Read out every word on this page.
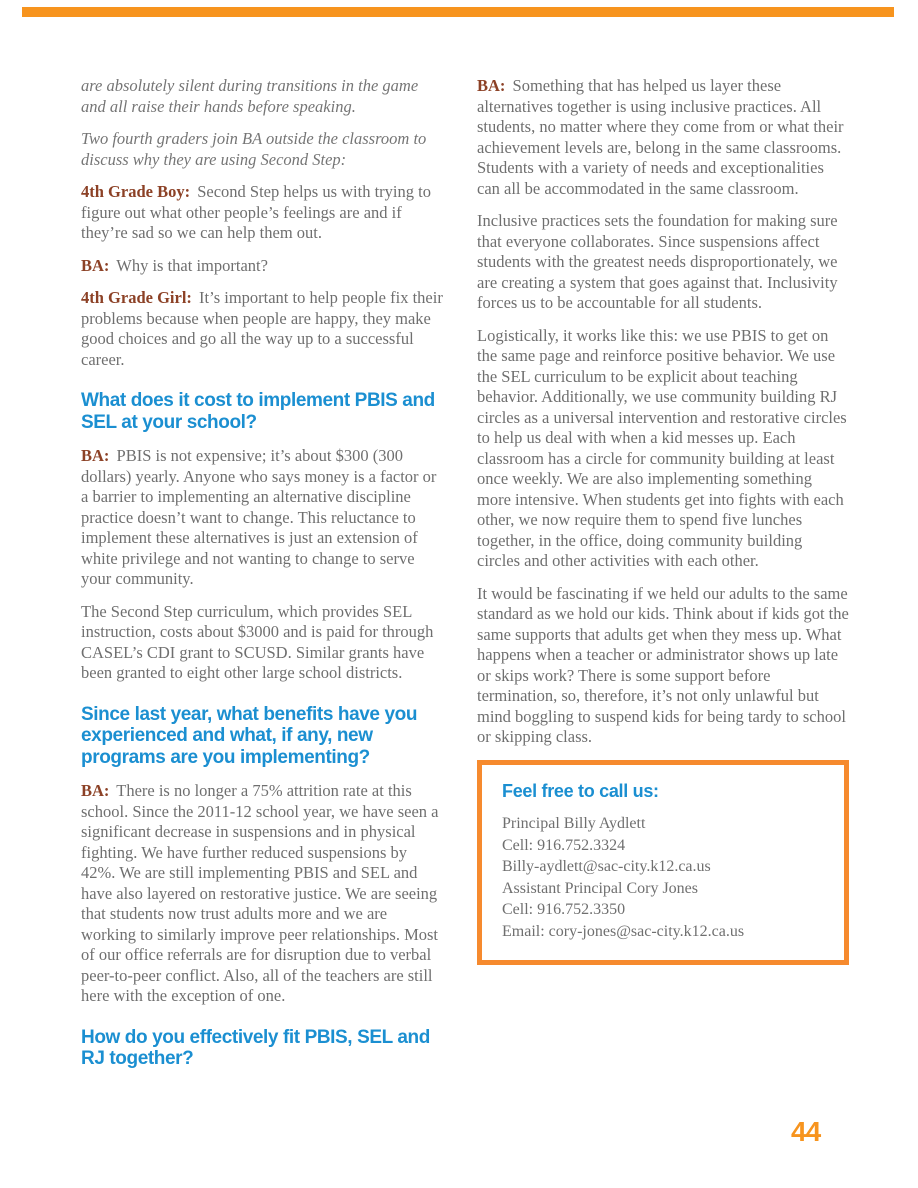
are absolutely silent during transitions in the game and all raise their hands before speaking.

Two fourth graders join BA outside the classroom to discuss why they are using Second Step:

4th Grade Boy: Second Step helps us with trying to figure out what other people’s feelings are and if they’re sad so we can help them out.

BA: Why is that important?

4th Grade Girl: It’s important to help people fix their problems because when people are happy, they make good choices and go all the way up to a successful career.

What does it cost to implement PBIS and SEL at your school?

BA: PBIS is not expensive; it’s about $300 (300 dollars) yearly. Anyone who says money is a factor or a barrier to implementing an alternative discipline practice doesn’t want to change. This reluctance to implement these alternatives is just an extension of white privilege and not wanting to change to serve your community.

The Second Step curriculum, which provides SEL instruction, costs about $3000 and is paid for through CASEL’s CDI grant to SCUSD. Similar grants have been granted to eight other large school districts.

Since last year, what benefits have you experienced and what, if any, new programs are you implementing?

BA: There is no longer a 75% attrition rate at this school. Since the 2011-12 school year, we have seen a significant decrease in suspensions and in physical fighting. We have further reduced suspensions by 42%. We are still implementing PBIS and SEL and have also layered on restorative justice. We are seeing that students now trust adults more and we are working to similarly improve peer relationships. Most of our office referrals are for disruption due to verbal peer-to-peer conflict. Also, all of the teachers are still here with the exception of one.

How do you effectively fit PBIS, SEL and RJ together?

BA: Something that has helped us layer these alternatives together is using inclusive practices. All students, no matter where they come from or what their achievement levels are, belong in the same classrooms. Students with a variety of needs and exceptionalities can all be accommodated in the same classroom.

Inclusive practices sets the foundation for making sure that everyone collaborates. Since suspensions affect students with the greatest needs disproportionately, we are creating a system that goes against that. Inclusivity forces us to be accountable for all students.

Logistically, it works like this: we use PBIS to get on the same page and reinforce positive behavior. We use the SEL curriculum to be explicit about teaching behavior. Additionally, we use community building RJ circles as a universal intervention and restorative circles to help us deal with when a kid messes up. Each classroom has a circle for community building at least once weekly. We are also implementing something more intensive. When students get into fights with each other, we now require them to spend five lunches together, in the office, doing community building circles and other activities with each other.

It would be fascinating if we held our adults to the same standard as we hold our kids. Think about if kids got the same supports that adults get when they mess up. What happens when a teacher or administrator shows up late or skips work? There is some support before termination, so, therefore, it’s not only unlawful but mind boggling to suspend kids for being tardy to school or skipping class.

Feel free to call us:
Principal Billy Aydlett
Cell: 916.752.3324
Billy-aydlett@sac-city.k12.ca.us
Assistant Principal Cory Jones
Cell: 916.752.3350
Email: cory-jones@sac-city.k12.ca.us
44
